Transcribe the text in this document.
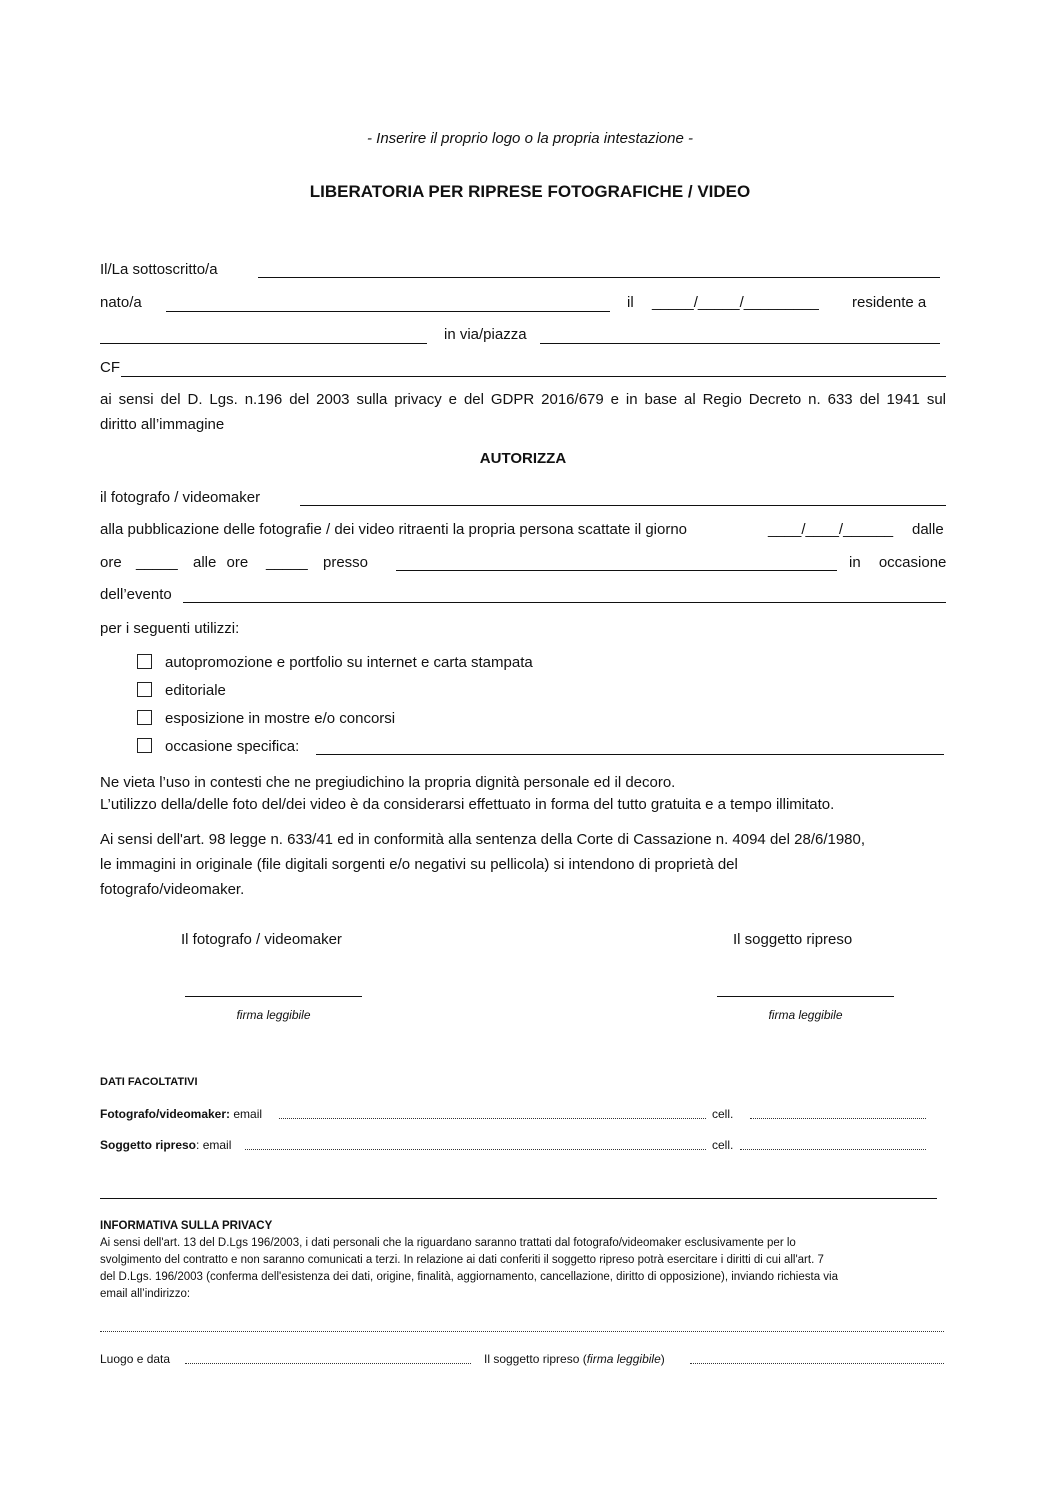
- Inserire il proprio logo o la propria intestazione -
LIBERATORIA PER RIPRESE FOTOGRAFICHE / VIDEO
Il/La sottoscritto/a
nato/a	il _____/_____/_________ residente a
in via/piazza
CF
ai sensi del D. Lgs. n.196 del 2003 sulla privacy e del GDPR 2016/679 e in base al Regio Decreto n. 633 del 1941 sul
diritto all’immagine
AUTORIZZA
il fotografo / videomaker
alla pubblicazione delle fotografie / dei video ritraenti la propria persona scattate il giorno	____/____/______ dalle
ore _____ alle ore _____ presso	in occasione
dell’evento
per i seguenti utilizzi:
autopromozione e portfolio su internet e carta stampata
editoriale
esposizione in mostre e/o concorsi
occasione specifica:
Ne vieta l’uso in contesti che ne pregiudichino la propria dignità personale ed il decoro.
L’utilizzo della/delle foto del/dei video è da considerarsi effettuato in forma del tutto gratuita e a tempo illimitato.
Ai sensi dell'art. 98 legge n. 633/41 ed in conformità alla sentenza della Corte di Cassazione n. 4094 del 28/6/1980,
le immagini in originale (file digitali sorgenti e/o negativi su pellicola) si intendono di proprietà del
fotografo/videomaker.
Il fotografo / videomaker	Il soggetto ripreso
firma leggibile	firma leggibile
DATI FACOLTATIVI
Fotografo/videomaker: email	cell.
Soggetto ripreso: email	cell.
INFORMATIVA SULLA PRIVACY
Ai sensi dell'art. 13 del D.Lgs 196/2003, i dati personali che la riguardano saranno trattati dal fotografo/videomaker esclusivamente per lo
svolgimento del contratto e non saranno comunicati a terzi. In relazione ai dati conferiti il soggetto ripreso potrà esercitare i diritti di cui all'art. 7
del D.Lgs. 196/2003 (conferma dell'esistenza dei dati, origine, finalità, aggiornamento, cancellazione, diritto di opposizione), inviando richiesta via
email all’indirizzo:
Luogo e data	Il soggetto ripreso (firma leggibile)
